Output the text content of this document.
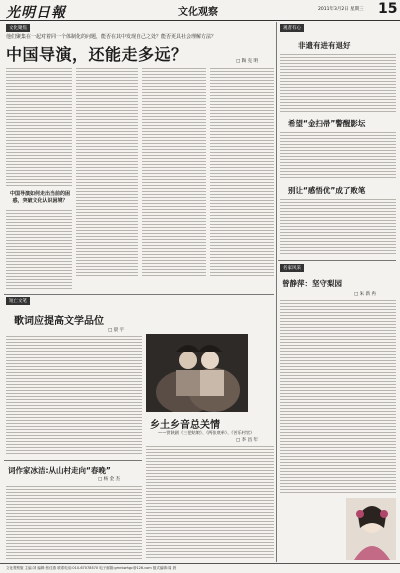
光明日報	文化观察	2011年3月2日 星期三 15
文化聚焦
他们聚集在一起对着同一个体制化的问题，能否在其中发现自己之处？能否更具社会理解方法？
中国导演，还能走多远？	□ 陶 克 明
中国导演如何走出当前的困惑，突破文化认识困境？
短亡文笔
歌词应提高文学品位
□ 晨 宇
乡土乡音总关情
——赏陕剧《三把姑娘》、《两张底单》、《苦乐村官》
□ 李 昌 年
词作家冰洁:从山村走向“春晚”
□ 杨 金 杰
观者有心
非遗有进有退好
希望“金扫帚”警醒影坛
别让“感悟优”成了败笔
名家风采
曾静萍：坚守梨园
□ 朱 新 冉
文化观察版 主编:刘 编辑:张佳燕 联系电话:010-67078570 电子邮箱:gmrbwhgc@126.com 版式编辑:周 晨
